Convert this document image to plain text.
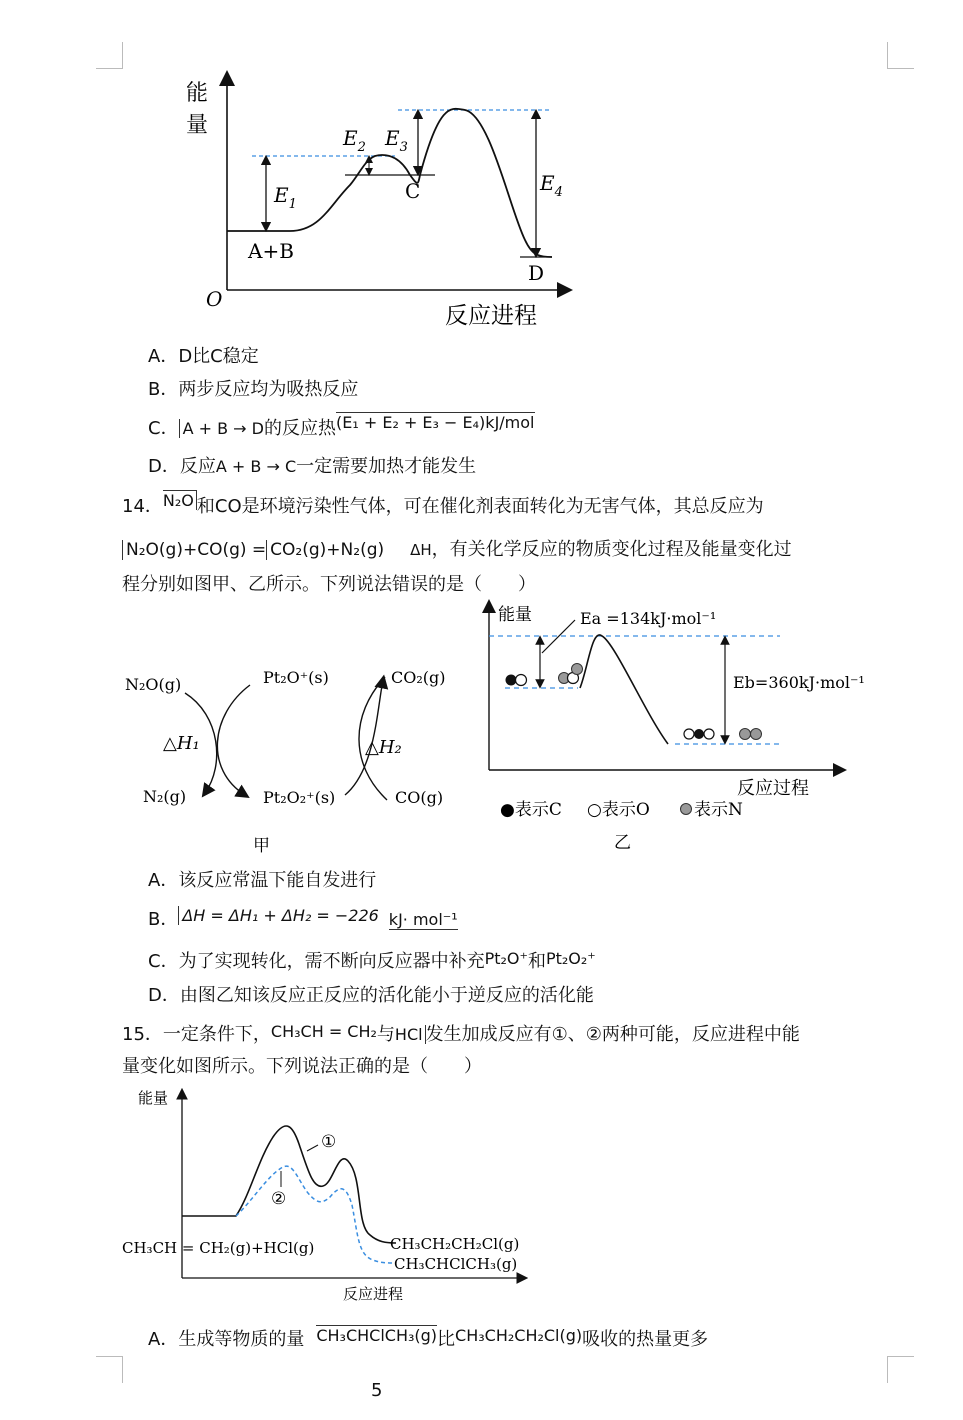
能
量
O
反应进程
$E_1$
$E_2$ $E_3$
$E_4$
A+B
C
D
A．D比C稳定
B．两步反应均为吸热反应
C． A + B → D的反应热(E₁ + E₂ + E₃ − E₄)kJ/mol
D．反应A + B → C一定需要加热才能发生
14．N₂O 和CO是环境污染性气体，可在催化剂表面转化为无害气体，其总反应为
N₂O(g)+CO(g) = CO₂(g)+N₂(g) ΔH，有关化学反应的物质变化过程及能量变化过
程分别如图甲、乙所示。下列说法错误的是（　　）
N₂O(g)
N₂(g)
Pt₂O⁺(s)
Pt₂O₂⁺(s)
CO₂(g)
CO(g)
△H₁	△H₂
甲
能量	Ea =134kJ·mol⁻¹
Eb=360kJ·mol⁻¹
反应过程
●表示C ○表示O	表示N
乙
A．该反应常温下能自发进行
B． ΔH = ΔH₁ + ΔH₂ = −226 kJ· mol⁻¹
C．为了实现转化，需不断向反应器中补充Pt₂O⁺和Pt₂O₂⁺
D．由图乙知该反应正反应的活化能小于逆反应的活化能
15．一定条件下，CH₃CH = CH₂与HCl 发生加成反应有①、②两种可能，反应进程中能
量变化如图所示。下列说法正确的是（　　）
能量
①
②
CH₃CH = CH₂(g)+HCl(g)	CH₃CH₂CH₂Cl(g)
CH₃CHClCH₃(g)
反应进程
A．生成等物质的量 CH₃CHClCH₃(g)比CH₃CH₂CH₂Cl(g)吸收的热量更多
5
